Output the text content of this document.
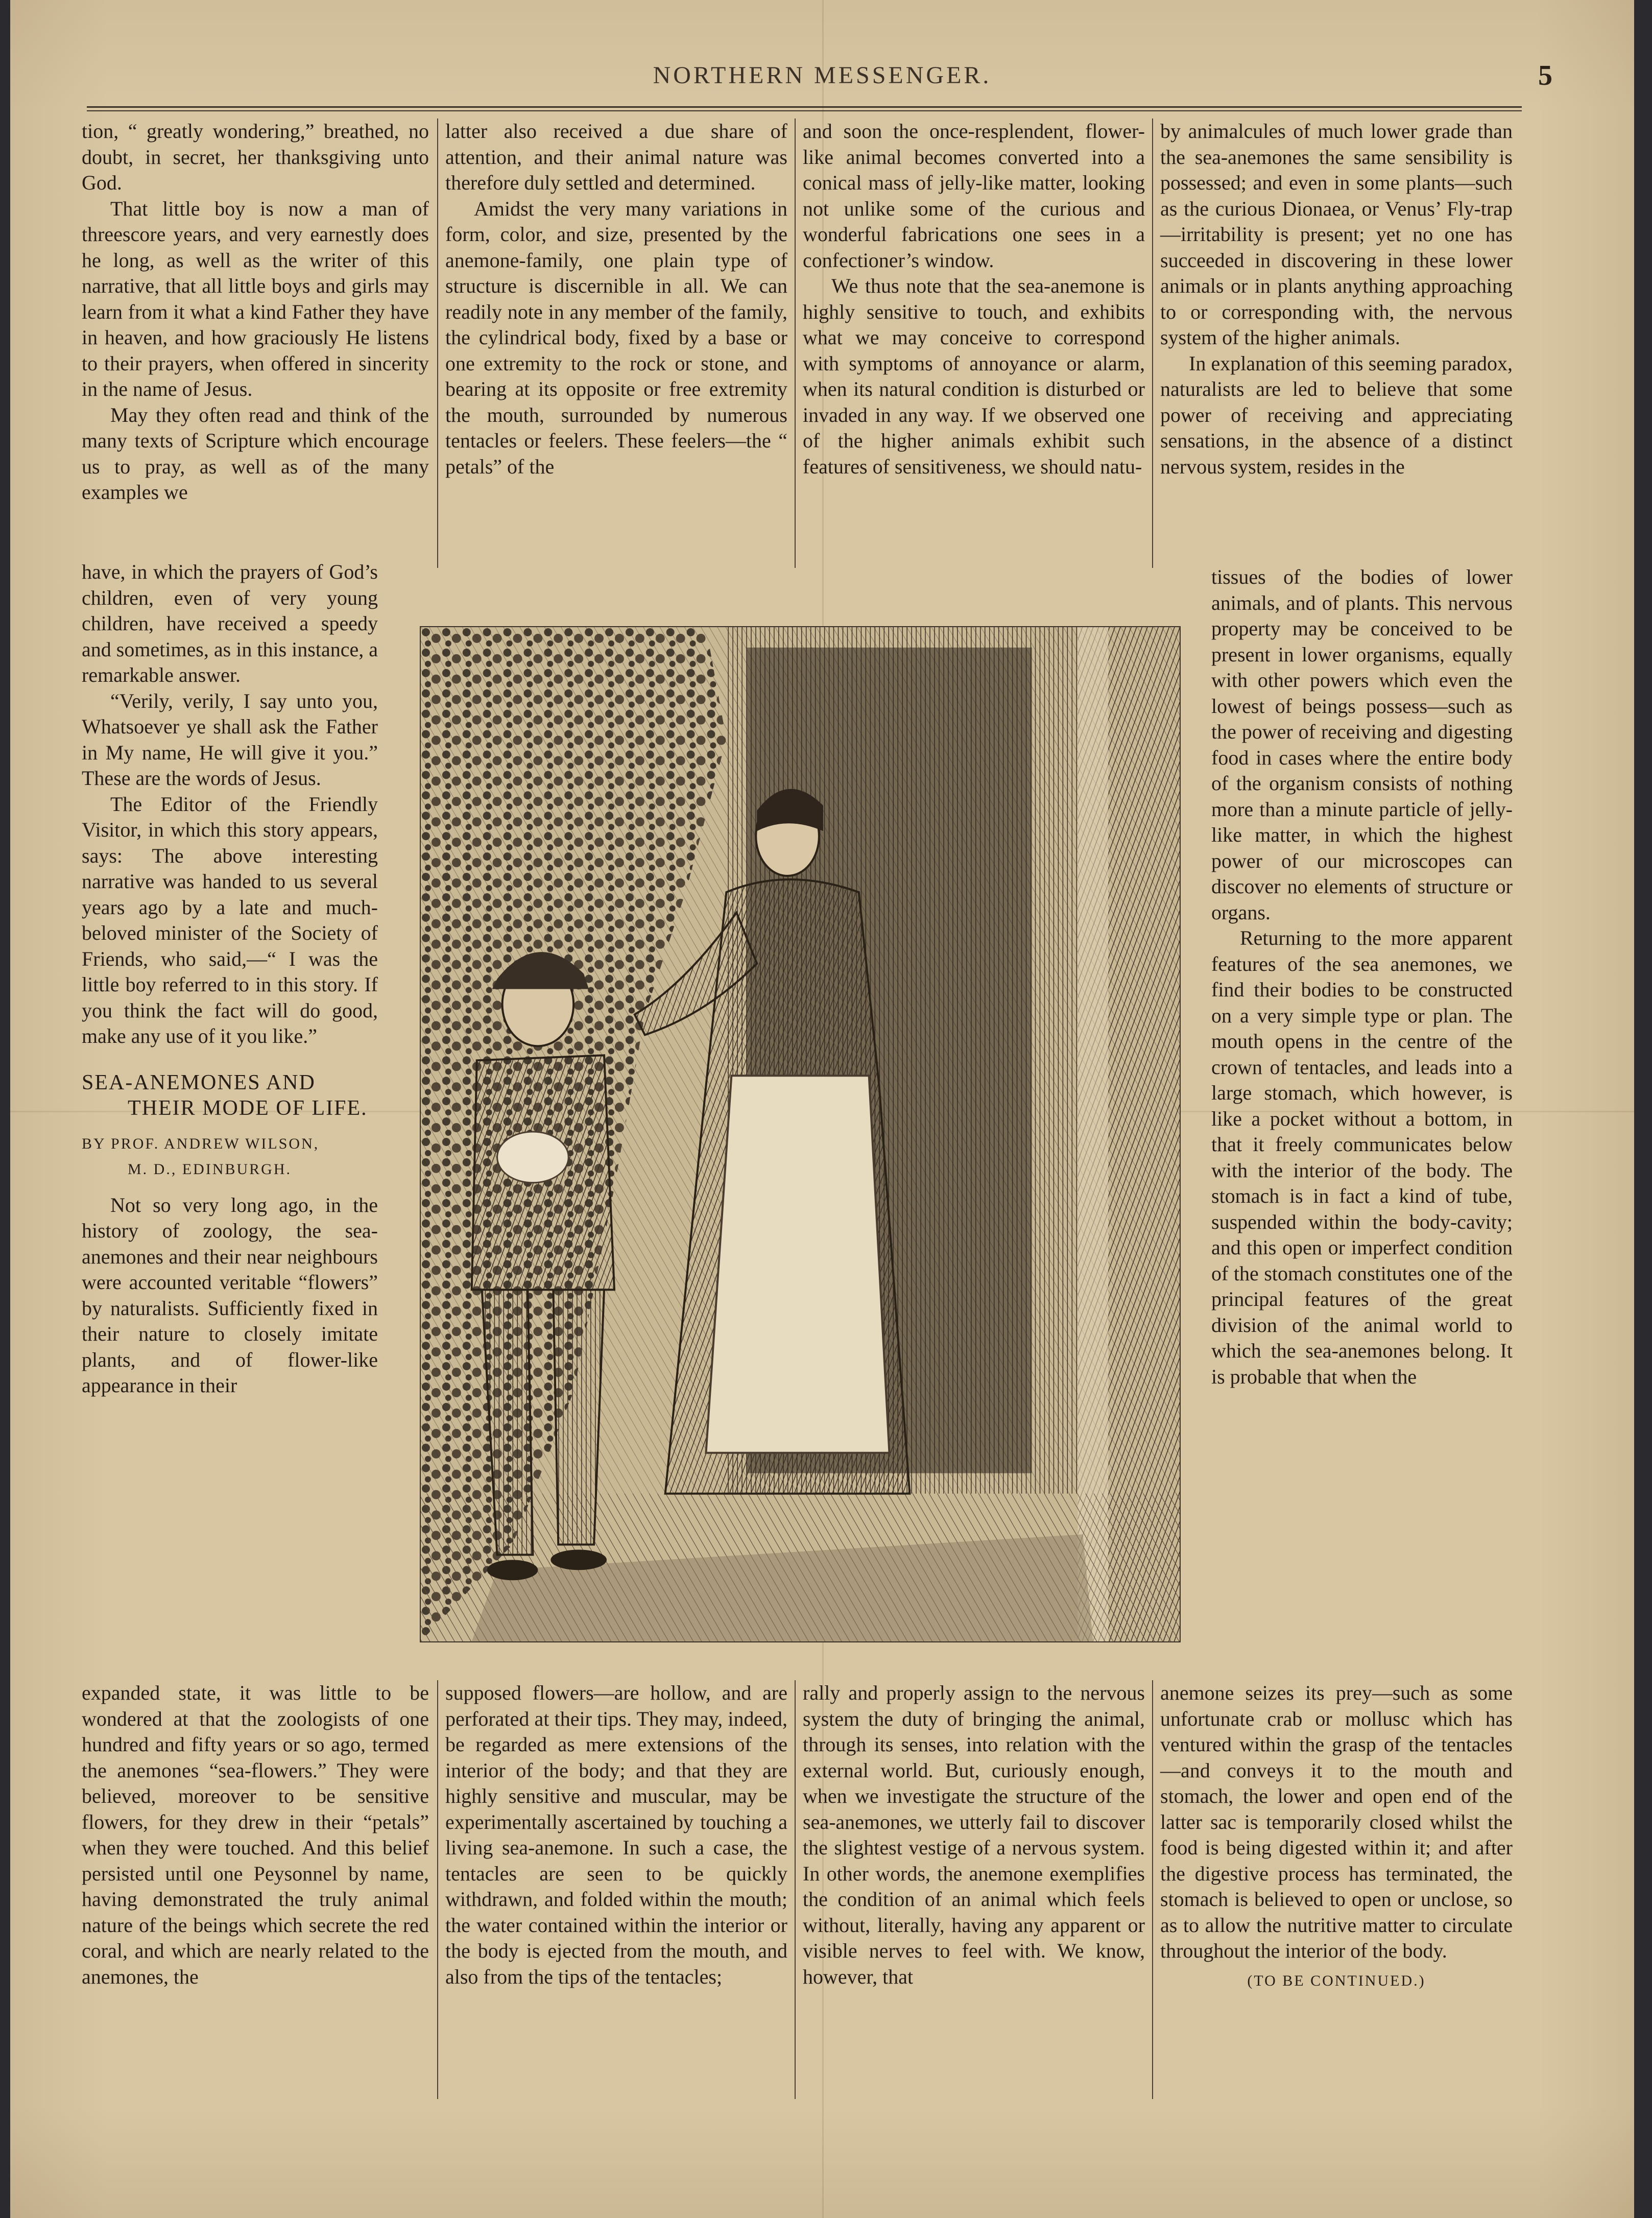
NORTHERN MESSENGER.	5

tion, “ greatly wondering,” breathed, no doubt, in secret, her thanksgiving unto God.

That little boy is now a man of threescore years, and very earnestly does he long, as well as the writer of this narrative, that all little boys and girls may learn from it what a kind Father they have in heaven, and how graciously He listens to their prayers, when offered in sincerity in the name of Jesus.

May they often read and think of the many texts of Scripture which encourage us to pray, as well as of the many examples we

have, in which the prayers of God’s children, even of very young children, have received a speedy and sometimes, as in this instance, a remarkable answer.

“Verily, verily, I say unto you, Whatsoever ye shall ask the Father in My name, He will give it you.” These are the words of Jesus.

The Editor of the Friendly Visitor, in which this story appears, says: The above interesting narrative was handed to us several years ago by a late and much-beloved minister of the Society of Friends, who said,—“ I was the little boy referred to in this story. If you think the fact will do good, make any use of it you like.”

SEA-ANEMONES AND
THEIR MODE OF LIFE.
BY PROF. ANDREW WILSON,
M. D., EDINBURGH.

Not so very long ago, in the history of zoology, the sea-anemones and their near neighbours were accounted veritable “flowers” by naturalists. Sufficiently fixed in their nature to closely imitate plants, and of flower-like appearance in their

expanded state, it was little to be wondered at that the zoologists of one hundred and fifty years or so ago, termed the anemones “sea-flowers.” They were believed, moreover to be sensitive flowers, for they drew in their “petals” when they were touched. And this belief persisted until one Peysonnel by name, having demonstrated the truly animal nature of the beings which secrete the red coral, and which are nearly related to the anemones, the

latter also received a due share of attention, and their animal nature was therefore duly settled and determined.

Amidst the very many variations in form, color, and size, presented by the anemone-family, one plain type of structure is discernible in all. We can readily note in any member of the family, the cylindrical body, fixed by a base or one extremity to the rock or stone, and bearing at its opposite or free extremity the mouth, surrounded by numerous tentacles or feelers. These feelers—the “ petals” of the

supposed flowers—are hollow, and are perforated at their tips. They may, indeed, be regarded as mere extensions of the interior of the body; and that they are highly sensitive and muscular, may be experimentally ascertained by touching a living sea-anemone. In such a case, the tentacles are seen to be quickly withdrawn, and folded within the mouth; the water contained within the interior or the body is ejected from the mouth, and also from the tips of the tentacles;

and soon the once-resplendent, flower-like animal becomes converted into a conical mass of jelly-like matter, looking not unlike some of the curious and wonderful fabrications one sees in a confectioner’s window.

We thus note that the sea-anemone is highly sensitive to touch, and exhibits what we may conceive to correspond with symptoms of annoyance or alarm, when its natural condition is disturbed or invaded in any way. If we observed one of the higher animals exhibit such features of sensitiveness, we should natu-

rally and properly assign to the nervous system the duty of bringing the animal, through its senses, into relation with the external world. But, curiously enough, when we investigate the structure of the sea-anemones, we utterly fail to discover the slightest vestige of a nervous system. In other words, the anemone exemplifies the condition of an animal which feels without, literally, having any apparent or visible nerves to feel with. We know, however, that

by animalcules of much lower grade than the sea-anemones the same sensibility is possessed; and even in some plants—such as the curious Dionaea, or Venus’ Fly-trap —irritability is present; yet no one has succeeded in discovering in these lower animals or in plants anything approaching to or corresponding with, the nervous system of the higher animals.

In explanation of this seeming paradox, naturalists are led to believe that some power of receiving and appreciating sensations, in the absence of a distinct nervous system, resides in the

tissues of the bodies of lower animals, and of plants. This nervous property may be conceived to be present in lower organisms, equally with other powers which even the lowest of beings possess—such as the power of receiving and digesting food in cases where the entire body of the organism consists of nothing more than a minute particle of jelly-like matter, in which the highest power of our microscopes can discover no elements of structure or organs.

Returning to the more apparent features of the sea anemones, we find their bodies to be constructed on a very simple type or plan. The mouth opens in the centre of the crown of tentacles, and leads into a large stomach, which however, is like a pocket without a bottom, in that it freely communicates below with the interior of the body. The stomach is in fact a kind of tube, suspended within the body-cavity; and this open or imperfect condition of the stomach constitutes one of the principal features of the great division of the animal world to which the sea-anemones belong. It is probable that when the

anemone seizes its prey—such as some unfortunate crab or mollusc which has ventured within the grasp of the tentacles—and conveys it to the mouth and stomach, the lower and open end of the latter sac is temporarily closed whilst the food is being digested within it; and after the digestive process has terminated, the stomach is believed to open or unclose, so as to allow the nutritive matter to circulate throughout the interior of the body.

(TO BE CONTINUED.)
